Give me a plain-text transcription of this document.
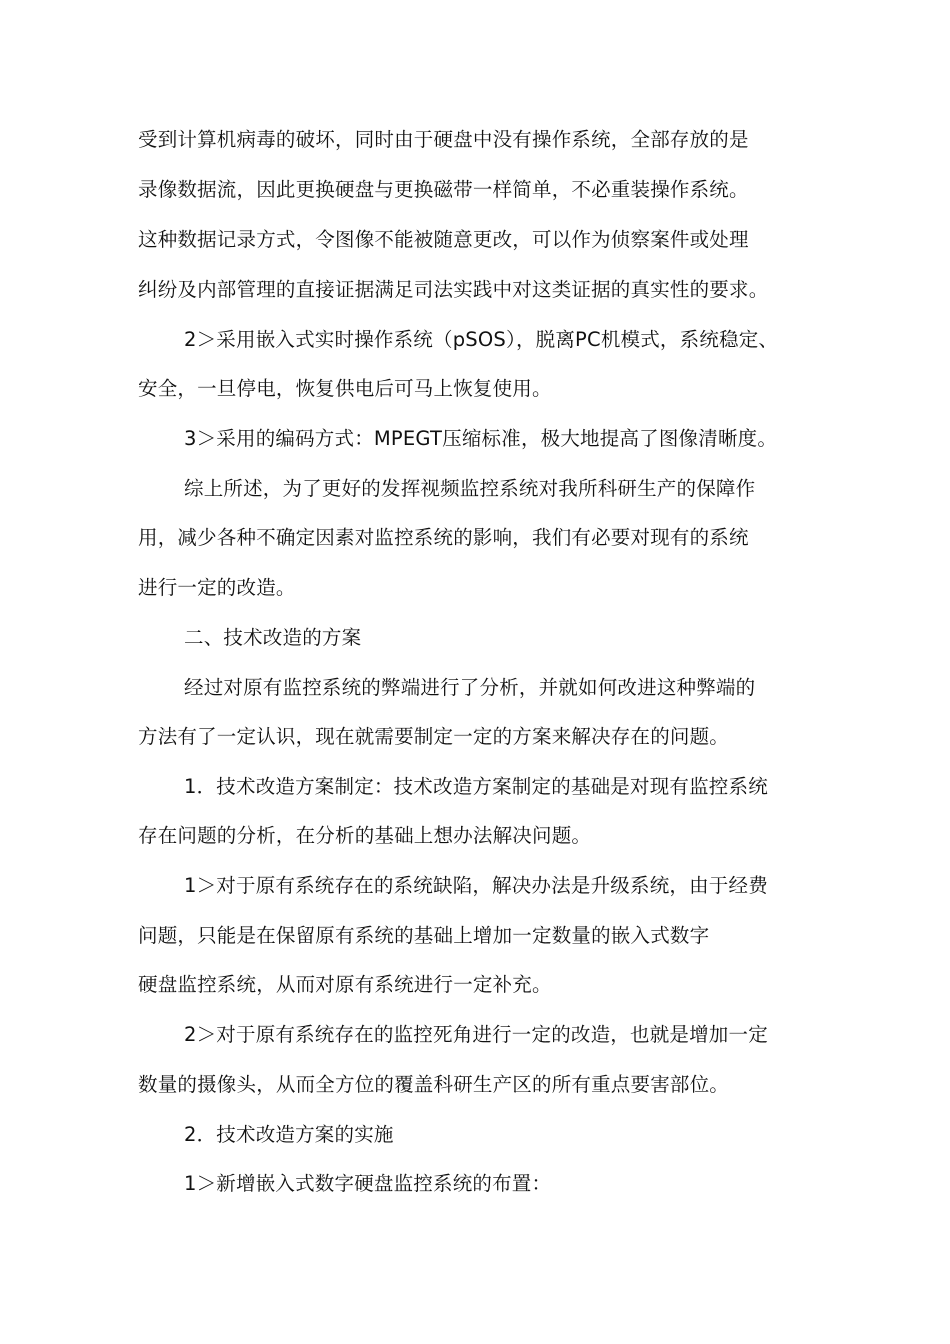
受到计算机病毒的破坏，同时由于硬盘中没有操作系统，全部存放的是
录像数据流，因此更换硬盘与更换磁带一样简单，不必重装操作系统。
这种数据记录方式，令图像不能被随意更改，可以作为侦察案件或处理
纠纷及内部管理的直接证据满足司法实践中对这类证据的真实性的要求。
2＞采用嵌入式实时操作系统（pSOS），脱离PC机模式，系统稳定、
安全，一旦停电，恢复供电后可马上恢复使用。
3＞采用的编码方式：MPEGT压缩标准，极大地提高了图像清晰度。
综上所述，为了更好的发挥视频监控系统对我所科研生产的保障作
用，减少各种不确定因素对监控系统的影响，我们有必要对现有的系统
进行一定的改造。
二、技术改造的方案
经过对原有监控系统的弊端进行了分析，并就如何改进这种弊端的
方法有了一定认识，现在就需要制定一定的方案来解决存在的问题。
1．技术改造方案制定：技术改造方案制定的基础是对现有监控系统
存在问题的分析，在分析的基础上想办法解决问题。
1＞对于原有系统存在的系统缺陷，解决办法是升级系统，由于经费
问题，只能是在保留原有系统的基础上增加一定数量的嵌入式数字
硬盘监控系统，从而对原有系统进行一定补充。
2＞对于原有系统存在的监控死角进行一定的改造，也就是增加一定
数量的摄像头，从而全方位的覆盖科研生产区的所有重点要害部位。
2．技术改造方案的实施
1＞新增嵌入式数字硬盘监控系统的布置：
